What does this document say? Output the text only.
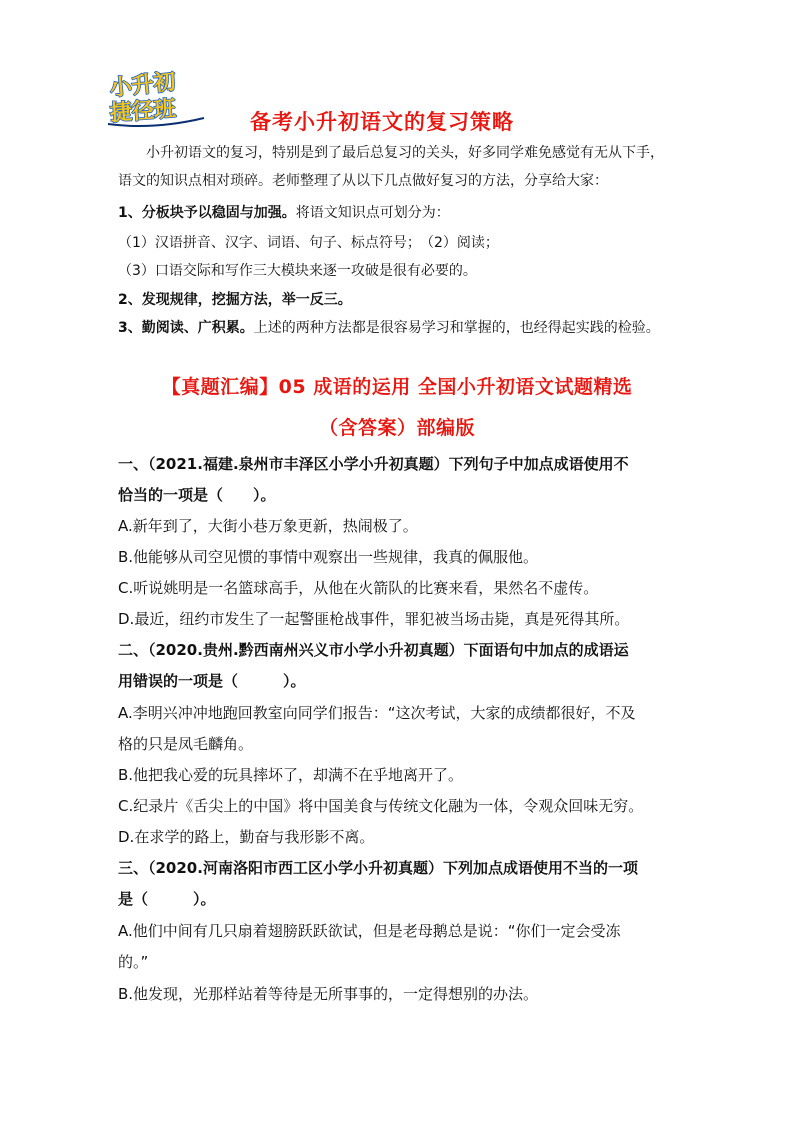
小升初
捷径班	备考小升初语文的复习策略
小升初语文的复习，特别是到了最后总复习的关头，好多同学难免感觉有无从下手，
语文的知识点相对琐碎。老师整理了从以下几点做好复习的方法，分享给大家：
1、分板块予以稳固与加强。将语文知识点可划分为：
（1）汉语拼音、汉字、词语、句子、标点符号； （2）阅读；
（3）口语交际和写作三大模块来逐一攻破是很有必要的。
2、发现规律，挖掘方法，举一反三。
3、勤阅读、广积累。上述的两种方法都是很容易学习和掌握的，也经得起实践的检验。
【真题汇编】05 成语的运用 全国小升初语文试题精选
（含答案）部编版
一、（2021.福建.泉州市丰泽区小学小升初真题）下列句子中加点成语使用不
恰当的一项是（　　）。
A.新年到了，大街小巷万象更新，热闹极了。
B.他能够从司空见惯的事情中观察出一些规律，我真的佩服他。
C.听说姚明是一名篮球高手，从他在火箭队的比赛来看，果然名不虚传。
D.最近，纽约市发生了一起警匪枪战事件，罪犯被当场击毙，真是死得其所。
二、（2020.贵州.黔西南州兴义市小学小升初真题）下面语句中加点的成语运
用错误的一项是（　　　）。
A.李明兴冲冲地跑回教室向同学们报告：“这次考试，大家的成绩都很好，不及
格的只是凤毛麟角。
B.他把我心爱的玩具摔坏了，却满不在乎地离开了。
C.纪录片《舌尖上的中国》将中国美食与传统文化融为一体，令观众回味无穷。
D.在求学的路上，勤奋与我形影不离。
三、（2020.河南洛阳市西工区小学小升初真题）下列加点成语使用不当的一项
是（　　　）。
A.他们中间有几只扇着翅膀跃跃欲试，但是老母鹅总是说：“你们一定会受冻
的。”
B.他发现，光那样站着等待是无所事事的，一定得想别的办法。
